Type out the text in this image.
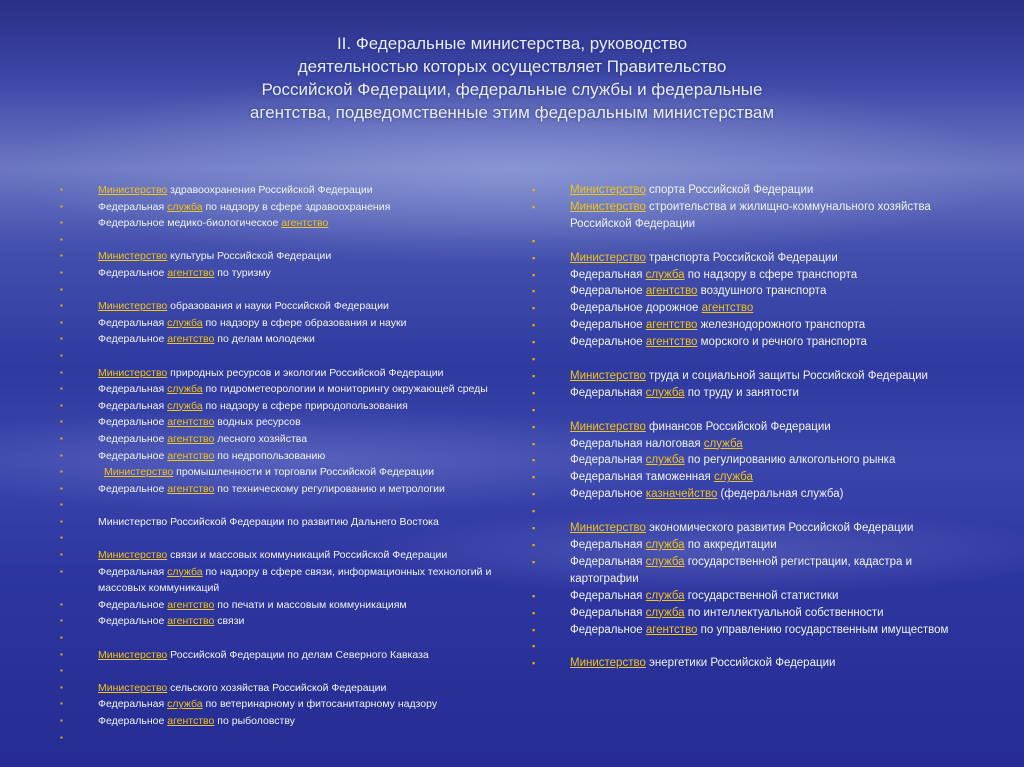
II. Федеральные министерства, руководство
деятельностью которых осуществляет Правительство
Российской Федерации, федеральные службы и федеральные
агентства, подведомственные этим федеральным министерствам
▪	Министерство здравоохранения Российской Федерации
▪	Федеральная служба по надзору в сфере здравоохранения
▪	Федеральное медико-биологическое агентство
▪
▪	Министерство культуры Российской Федерации
▪	Федеральное агентство по туризму
▪
▪	Министерство образования и науки Российской Федерации
▪	Федеральная служба по надзору в сфере образования и науки
▪	Федеральное агентство по делам молодежи
▪
▪	Министерство природных ресурсов и экологии Российской Федерации
▪	Федеральная служба по гидрометеорологии и мониторингу окружающей среды
▪	Федеральная служба по надзору в сфере природопользования
▪	Федеральное агентство водных ресурсов
▪	Федеральное агентство лесного хозяйства
▪	Федеральное агентство по недропользованию
▪	Министерство промышленности и торговли Российской Федерации
▪	Федеральное агентство по техническому регулированию и метрологии
▪
▪	Министерство Российской Федерации по развитию Дальнего Востока
▪
▪	Министерство связи и массовых коммуникаций Российской Федерации
▪	Федеральная служба по надзору в сфере связи, информационных технологий и массовых коммуникаций
▪	Федеральное агентство по печати и массовым коммуникациям
▪	Федеральное агентство связи
▪
▪	Министерство Российской Федерации по делам Северного Кавказа
▪
▪	Министерство сельского хозяйства Российской Федерации
▪	Федеральная служба по ветеринарному и фитосанитарному надзору
▪	Федеральное агентство по рыболовству
▪
▪	Министерство спорта Российской Федерации
▪	Министерство строительства и жилищно-коммунального хозяйства Российской Федерации
▪
▪	Министерство транспорта Российской Федерации
▪	Федеральная служба по надзору в сфере транспорта
▪	Федеральное агентство воздушного транспорта
▪	Федеральное дорожное агентство
▪	Федеральное агентство железнодорожного транспорта
▪	Федеральное агентство морского и речного транспорта
▪
▪	Министерство труда и социальной защиты Российской Федерации
▪	Федеральная служба по труду и занятости
▪
▪	Министерство финансов Российской Федерации
▪	Федеральная налоговая служба
▪	Федеральная служба по регулированию алкогольного рынка
▪	Федеральная таможенная служба
▪	Федеральное казначейство (федеральная служба)
▪
▪	Министерство экономического развития Российской Федерации
▪	Федеральная служба по аккредитации
▪	Федеральная служба государственной регистрации, кадастра и картографии
▪	Федеральная служба государственной статистики
▪	Федеральная служба по интеллектуальной собственности
▪	Федеральное агентство по управлению государственным имуществом
▪
▪	Министерство энергетики Российской Федерации
